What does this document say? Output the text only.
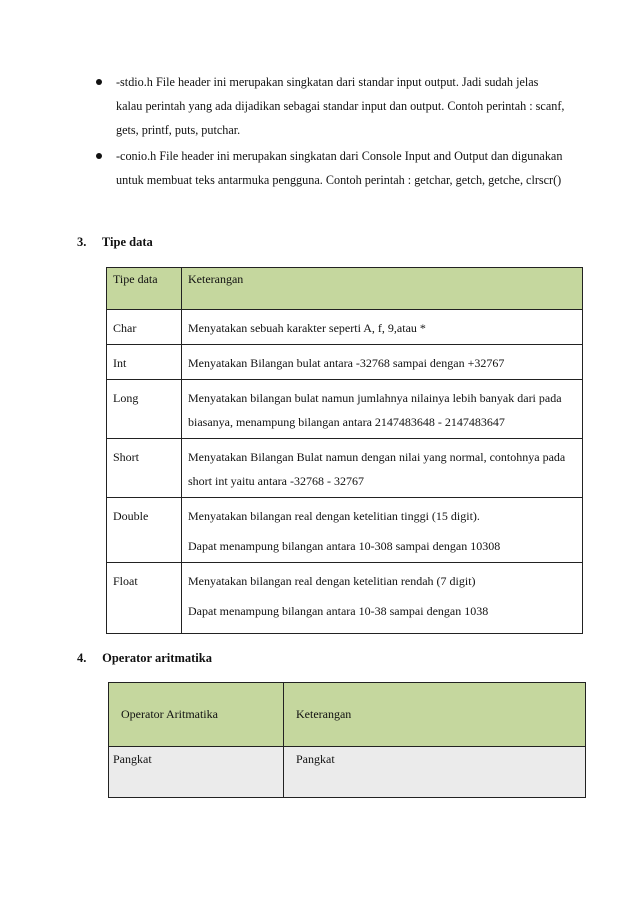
-stdio.h File header ini merupakan singkatan dari standar input output. Jadi sudah jelas kalau perintah yang ada dijadikan sebagai standar input dan output. Contoh perintah : scanf, gets, printf, puts, putchar.
-conio.h File header ini merupakan singkatan dari Console Input and Output dan digunakan untuk membuat teks antarmuka pengguna. Contoh perintah : getchar, getch, getche, clrscr()
3. Tipe data
Tipe data	Keterangan
Char	Menyatakan sebuah karakter seperti A, f, 9,atau *

Int	Menyatakan Bilangan bulat antara -32768 sampai dengan +32767

Long	Menyatakan bilangan bulat namun jumlahnya nilainya lebih banyak dari pada biasanya, menampung bilangan antara 2147483648 - 2147483647

Short	Menyatakan Bilangan Bulat namun dengan nilai yang normal, contohnya pada short int yaitu antara -32768 - 32767

Double	Menyatakan bilangan real dengan ketelitian tinggi (15 digit).
Dapat menampung bilangan antara 10-308 sampai dengan 10308

Float	Menyatakan bilangan real dengan ketelitian rendah (7 digit)
Dapat menampung bilangan antara 10-38 sampai dengan 1038
4. Operator aritmatika
Operator Aritmatika	Keterangan
Pangkat	Pangkat
